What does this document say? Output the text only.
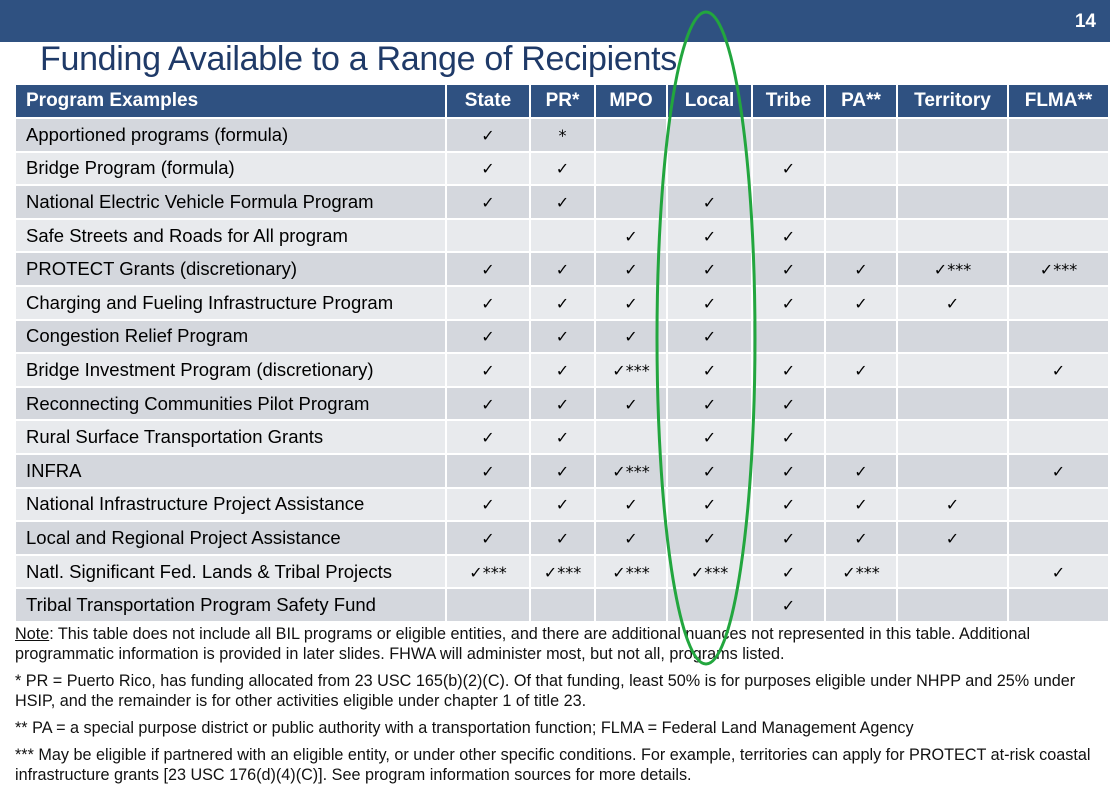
14
Funding Available to a Range of Recipients
Program Examples	State	PR*	MPO	Local	Tribe	PA**	Territory	FLMA**
Apportioned programs (formula)	✓	*						
Bridge Program (formula)	✓	✓			✓			
National Electric Vehicle Formula Program	✓	✓		✓				
Safe Streets and Roads for All program			✓	✓	✓			
PROTECT Grants (discretionary)	✓	✓	✓	✓	✓	✓	✓***	✓***
Charging and Fueling Infrastructure Program	✓	✓	✓	✓	✓	✓	✓	
Congestion Relief Program	✓	✓	✓	✓				
Bridge Investment Program (discretionary)	✓	✓	✓***	✓	✓	✓		✓
Reconnecting Communities Pilot Program	✓	✓	✓	✓	✓			
Rural Surface Transportation Grants	✓	✓		✓	✓			
INFRA	✓	✓	✓***	✓	✓	✓		✓
National Infrastructure Project Assistance	✓	✓	✓	✓	✓	✓	✓	
Local and Regional Project Assistance	✓	✓	✓	✓	✓	✓	✓	
Natl. Significant Fed. Lands & Tribal Projects	✓***	✓***	✓***	✓***	✓	✓***		✓
Tribal Transportation Program Safety Fund					✓			

Note: This table does not include all BIL programs or eligible entities, and there are additional nuances not represented in this table. Additional programmatic information is provided in later slides. FHWA will administer most, but not all, programs listed.

* PR = Puerto Rico, has funding allocated from 23 USC 165(b)(2)(C). Of that funding, least 50% is for purposes eligible under NHPP and 25% under HSIP, and the remainder is for other activities eligible under chapter 1 of title 23.

** PA = a special purpose district or public authority with a transportation function; FLMA = Federal Land Management Agency

*** May be eligible if partnered with an eligible entity, or under other specific conditions. For example, territories can apply for PROTECT at-risk coastal infrastructure grants [23 USC 176(d)(4)(C)]. See program information sources for more details.
